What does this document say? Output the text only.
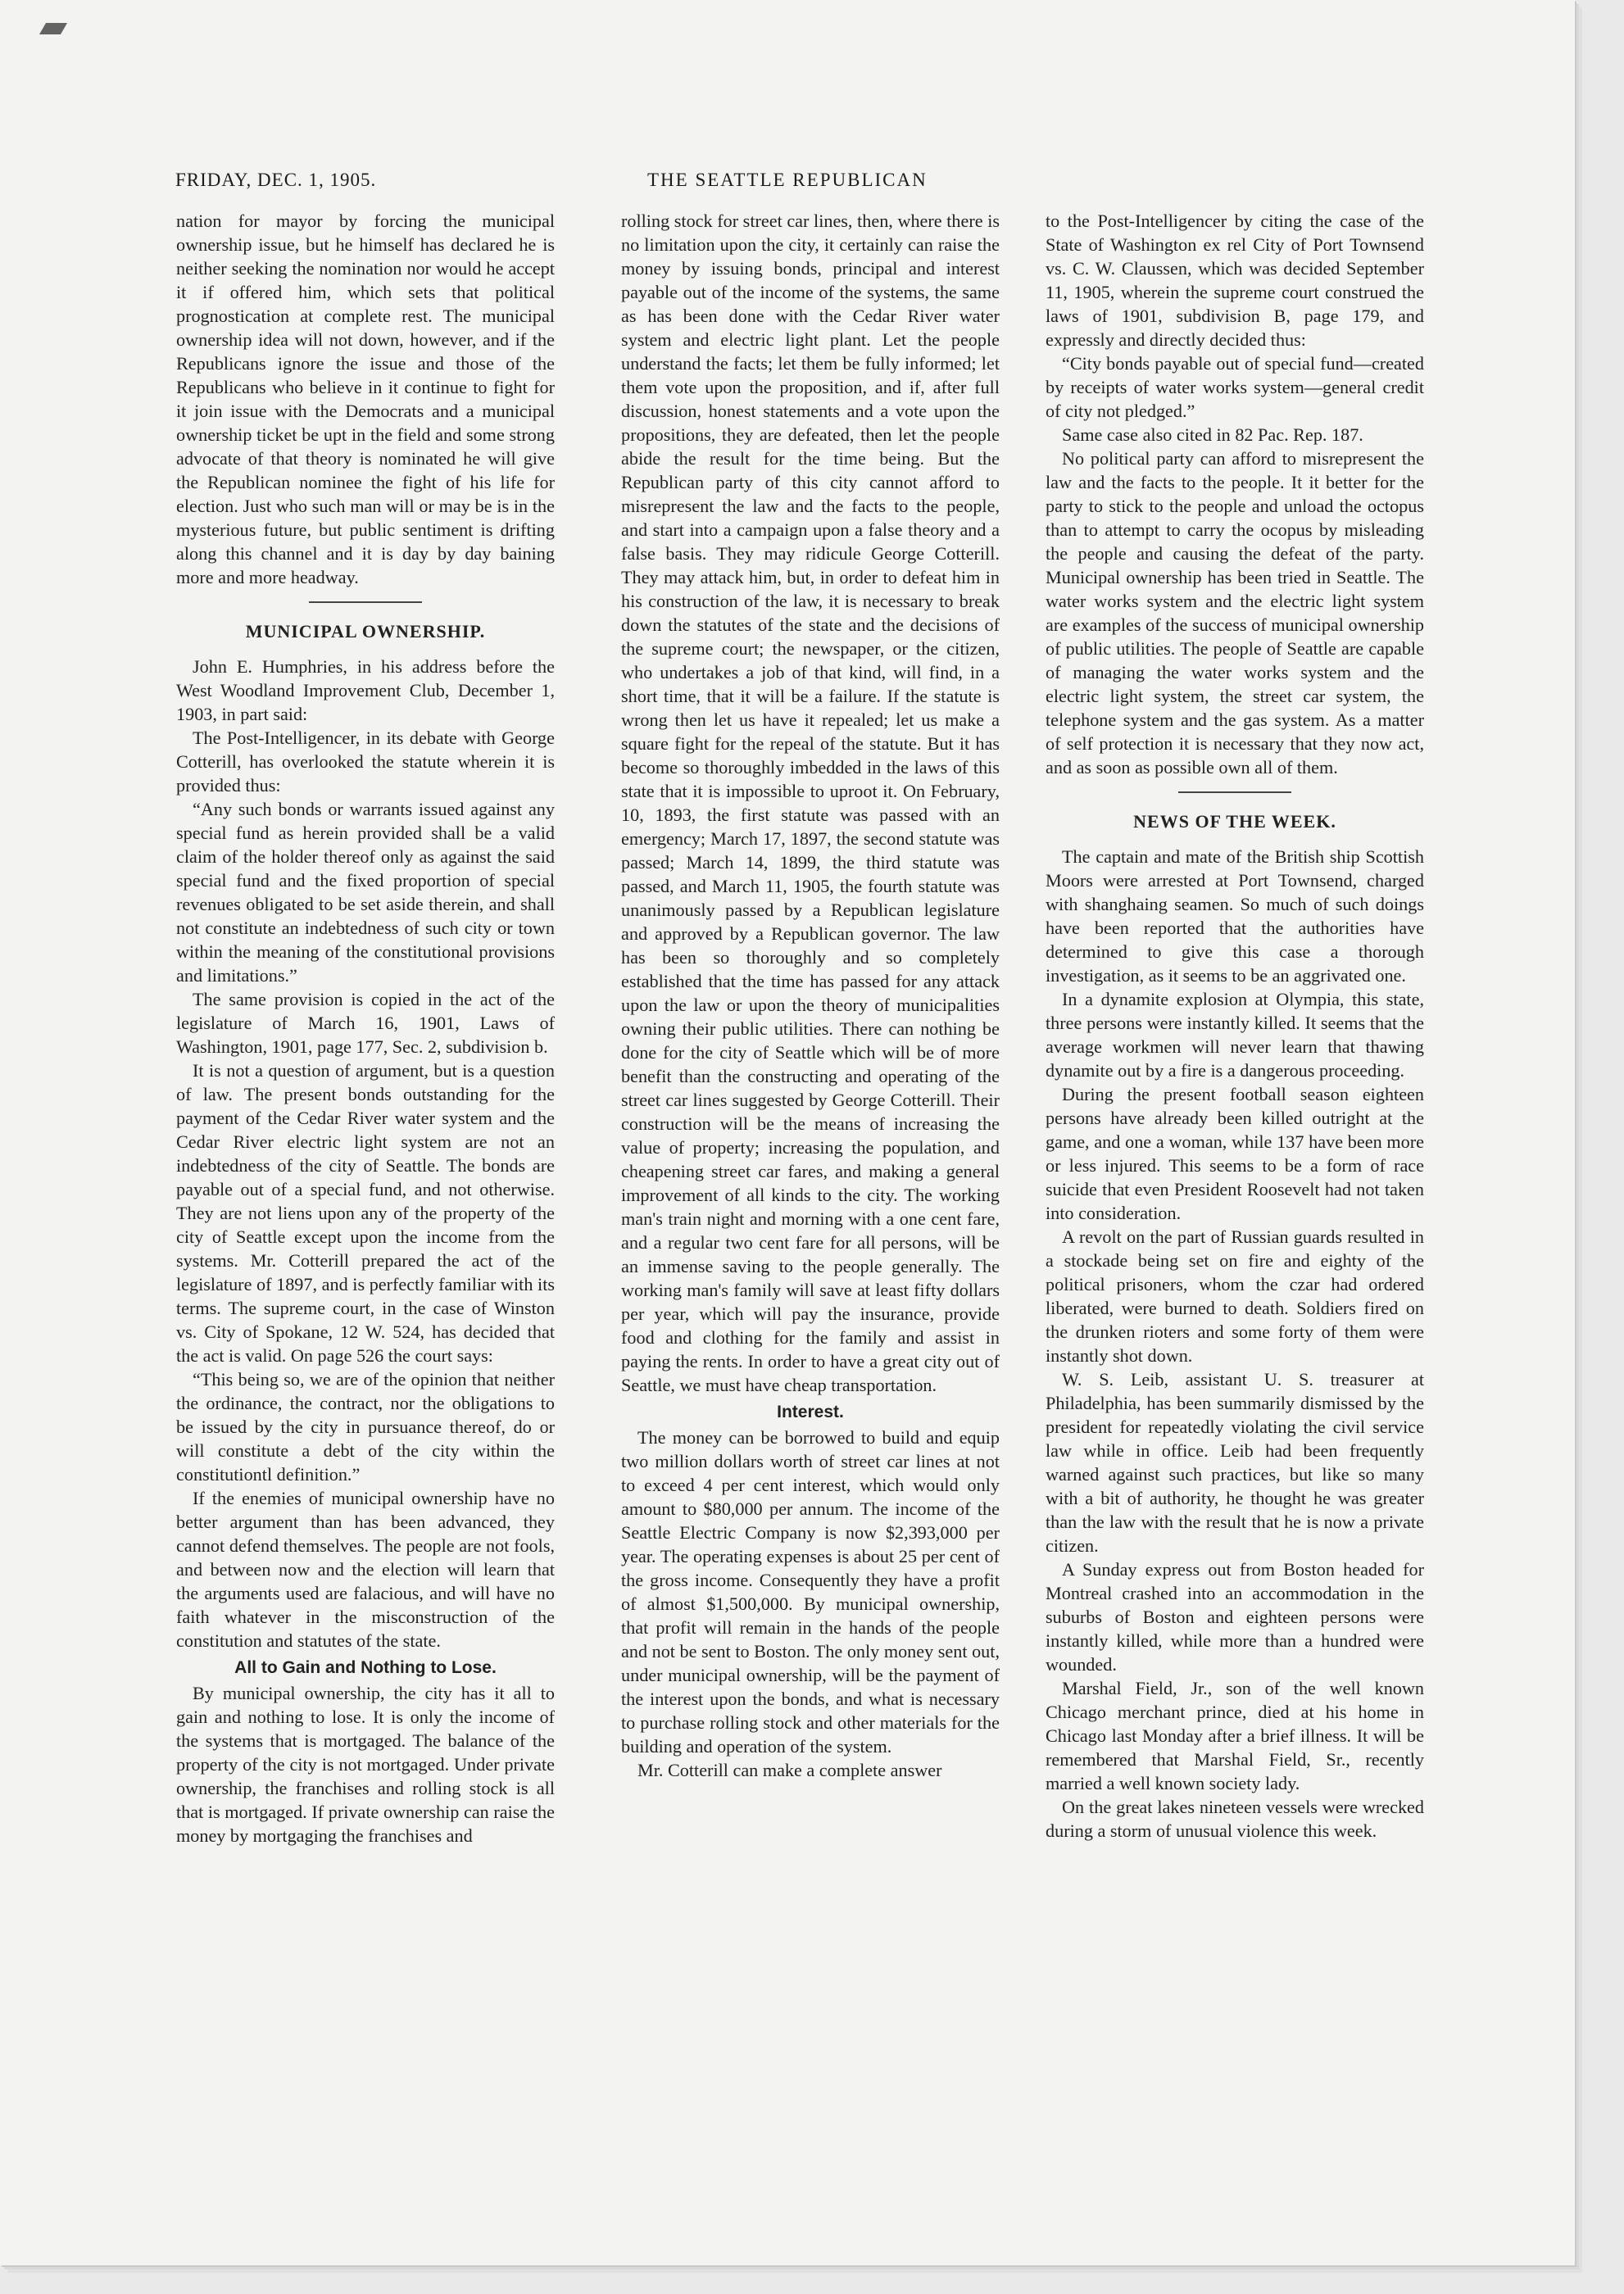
FRIDAY, DEC. 1, 1905.	THE SEATTLE REPUBLICAN

nation for mayor by forcing the municipal ownership issue, but he himself has declared he is neither seeking the nomination nor would he accept it if offered him, which sets that political prognostication at complete rest. The municipal ownership idea will not down, however, and if the Republicans ignore the issue and those of the Republicans who believe in it continue to fight for it join issue with the Democrats and a municipal ownership ticket be upt in the field and some strong advocate of that theory is nominated he will give the Republican nominee the fight of his life for election. Just who such man will or may be is in the mysterious future, but public sentiment is drifting along this channel and it is day by day baining more and more headway.

MUNICIPAL OWNERSHIP.

John E. Humphries, in his address before the West Woodland Improvement Club, December 1, 1903, in part said:

The Post-Intelligencer, in its debate with George Cotterill, has overlooked the statute wherein it is provided thus:

“Any such bonds or warrants issued against any special fund as herein provided shall be a valid claim of the holder thereof only as against the said special fund and the fixed proportion of special revenues obligated to be set aside therein, and shall not constitute an indebtedness of such city or town within the meaning of the constitutional provisions and limitations.”

The same provision is copied in the act of the legislature of March 16, 1901, Laws of Washington, 1901, page 177, Sec. 2, subdivision b.

It is not a question of argument, but is a question of law. The present bonds outstanding for the payment of the Cedar River water system and the Cedar River electric light system are not an indebtedness of the city of Seattle. The bonds are payable out of a special fund, and not otherwise. They are not liens upon any of the property of the city of Seattle except upon the income from the systems. Mr. Cotterill prepared the act of the legislature of 1897, and is perfectly familiar with its terms. The supreme court, in the case of Winston vs. City of Spokane, 12 W. 524, has decided that the act is valid. On page 526 the court says:

“This being so, we are of the opinion that neither the ordinance, the contract, nor the obligations to be issued by the city in pursuance thereof, do or will constitute a debt of the city within the constitutiontl definition.”

If the enemies of municipal ownership have no better argument than has been advanced, they cannot defend themselves. The people are not fools, and between now and the election will learn that the arguments used are falacious, and will have no faith whatever in the misconstruction of the constitution and statutes of the state.

All to Gain and Nothing to Lose.

By municipal ownership, the city has it all to gain and nothing to lose. It is only the income of the systems that is mortgaged. The balance of the property of the city is not mortgaged. Under private ownership, the franchises and rolling stock is all that is mortgaged. If private ownership can raise the money by mortgaging the franchises and

rolling stock for street car lines, then, where there is no limitation upon the city, it certainly can raise the money by issuing bonds, principal and interest payable out of the income of the systems, the same as has been done with the Cedar River water system and electric light plant. Let the people understand the facts; let them be fully informed; let them vote upon the proposition, and if, after full discussion, honest statements and a vote upon the propositions, they are defeated, then let the people abide the result for the time being. But the Republican party of this city cannot afford to misrepresent the law and the facts to the people, and start into a campaign upon a false theory and a false basis. They may ridicule George Cotterill. They may attack him, but, in order to defeat him in his construction of the law, it is necessary to break down the statutes of the state and the decisions of the supreme court; the newspaper, or the citizen, who undertakes a job of that kind, will find, in a short time, that it will be a failure. If the statute is wrong then let us have it repealed; let us make a square fight for the repeal of the statute. But it has become so thoroughly imbedded in the laws of this state that it is impossible to uproot it. On February, 10, 1893, the first statute was passed with an emergency; March 17, 1897, the second statute was passed; March 14, 1899, the third statute was passed, and March 11, 1905, the fourth statute was unanimously passed by a Republican legislature and approved by a Republican governor. The law has been so thoroughly and so completely established that the time has passed for any attack upon the law or upon the theory of municipalities owning their public utilities. There can nothing be done for the city of Seattle which will be of more benefit than the constructing and operating of the street car lines suggested by George Cotterill. Their construction will be the means of increasing the value of property; increasing the population, and cheapening street car fares, and making a general improvement of all kinds to the city. The working man's train night and morning with a one cent fare, and a regular two cent fare for all persons, will be an immense saving to the people generally. The working man's family will save at least fifty dollars per year, which will pay the insurance, provide food and clothing for the family and assist in paying the rents. In order to have a great city out of Seattle, we must have cheap transportation.

Interest.

The money can be borrowed to build and equip two million dollars worth of street car lines at not to exceed 4 per cent interest, which would only amount to $80,000 per annum. The income of the Seattle Electric Company is now $2,393,000 per year. The operating expenses is about 25 per cent of the gross income. Consequently they have a profit of almost $1,500,000. By municipal ownership, that profit will remain in the hands of the people and not be sent to Boston. The only money sent out, under municipal ownership, will be the payment of the interest upon the bonds, and what is necessary to purchase rolling stock and other materials for the building and operation of the system.

Mr. Cotterill can make a complete answer

to the Post-Intelligencer by citing the case of the State of Washington ex rel City of Port Townsend vs. C. W. Claussen, which was decided September 11, 1905, wherein the supreme court construed the laws of 1901, subdivision B, page 179, and expressly and directly decided thus:

“City bonds payable out of special fund—created by receipts of water works system—general credit of city not pledged.”

Same case also cited in 82 Pac. Rep. 187.

No political party can afford to misrepresent the law and the facts to the people. It it better for the party to stick to the people and unload the octopus than to attempt to carry the ocopus by misleading the people and causing the defeat of the party. Municipal ownership has been tried in Seattle. The water works system and the electric light system are examples of the success of municipal ownership of public utilities. The people of Seattle are capable of managing the water works system and the electric light system, the street car system, the telephone system and the gas system. As a matter of self protection it is necessary that they now act, and as soon as possible own all of them.

NEWS OF THE WEEK.

The captain and mate of the British ship Scottish Moors were arrested at Port Townsend, charged with shanghaing seamen. So much of such doings have been reported that the authorities have determined to give this case a thorough investigation, as it seems to be an aggrivated one.

In a dynamite explosion at Olympia, this state, three persons were instantly killed. It seems that the average workmen will never learn that thawing dynamite out by a fire is a dangerous proceeding.

During the present football season eighteen persons have already been killed outright at the game, and one a woman, while 137 have been more or less injured. This seems to be a form of race suicide that even President Roosevelt had not taken into consideration.

A revolt on the part of Russian guards resulted in a stockade being set on fire and eighty of the political prisoners, whom the czar had ordered liberated, were burned to death. Soldiers fired on the drunken rioters and some forty of them were instantly shot down.

W. S. Leib, assistant U. S. treasurer at Philadelphia, has been summarily dismissed by the president for repeatedly violating the civil service law while in office. Leib had been frequently warned against such practices, but like so many with a bit of authority, he thought he was greater than the law with the result that he is now a private citizen.

A Sunday express out from Boston headed for Montreal crashed into an accommodation in the suburbs of Boston and eighteen persons were instantly killed, while more than a hundred were wounded.

Marshal Field, Jr., son of the well known Chicago merchant prince, died at his home in Chicago last Monday after a brief illness. It will be remembered that Marshal Field, Sr., recently married a well known society lady.

On the great lakes nineteen vessels were wrecked during a storm of unusual violence this week.
